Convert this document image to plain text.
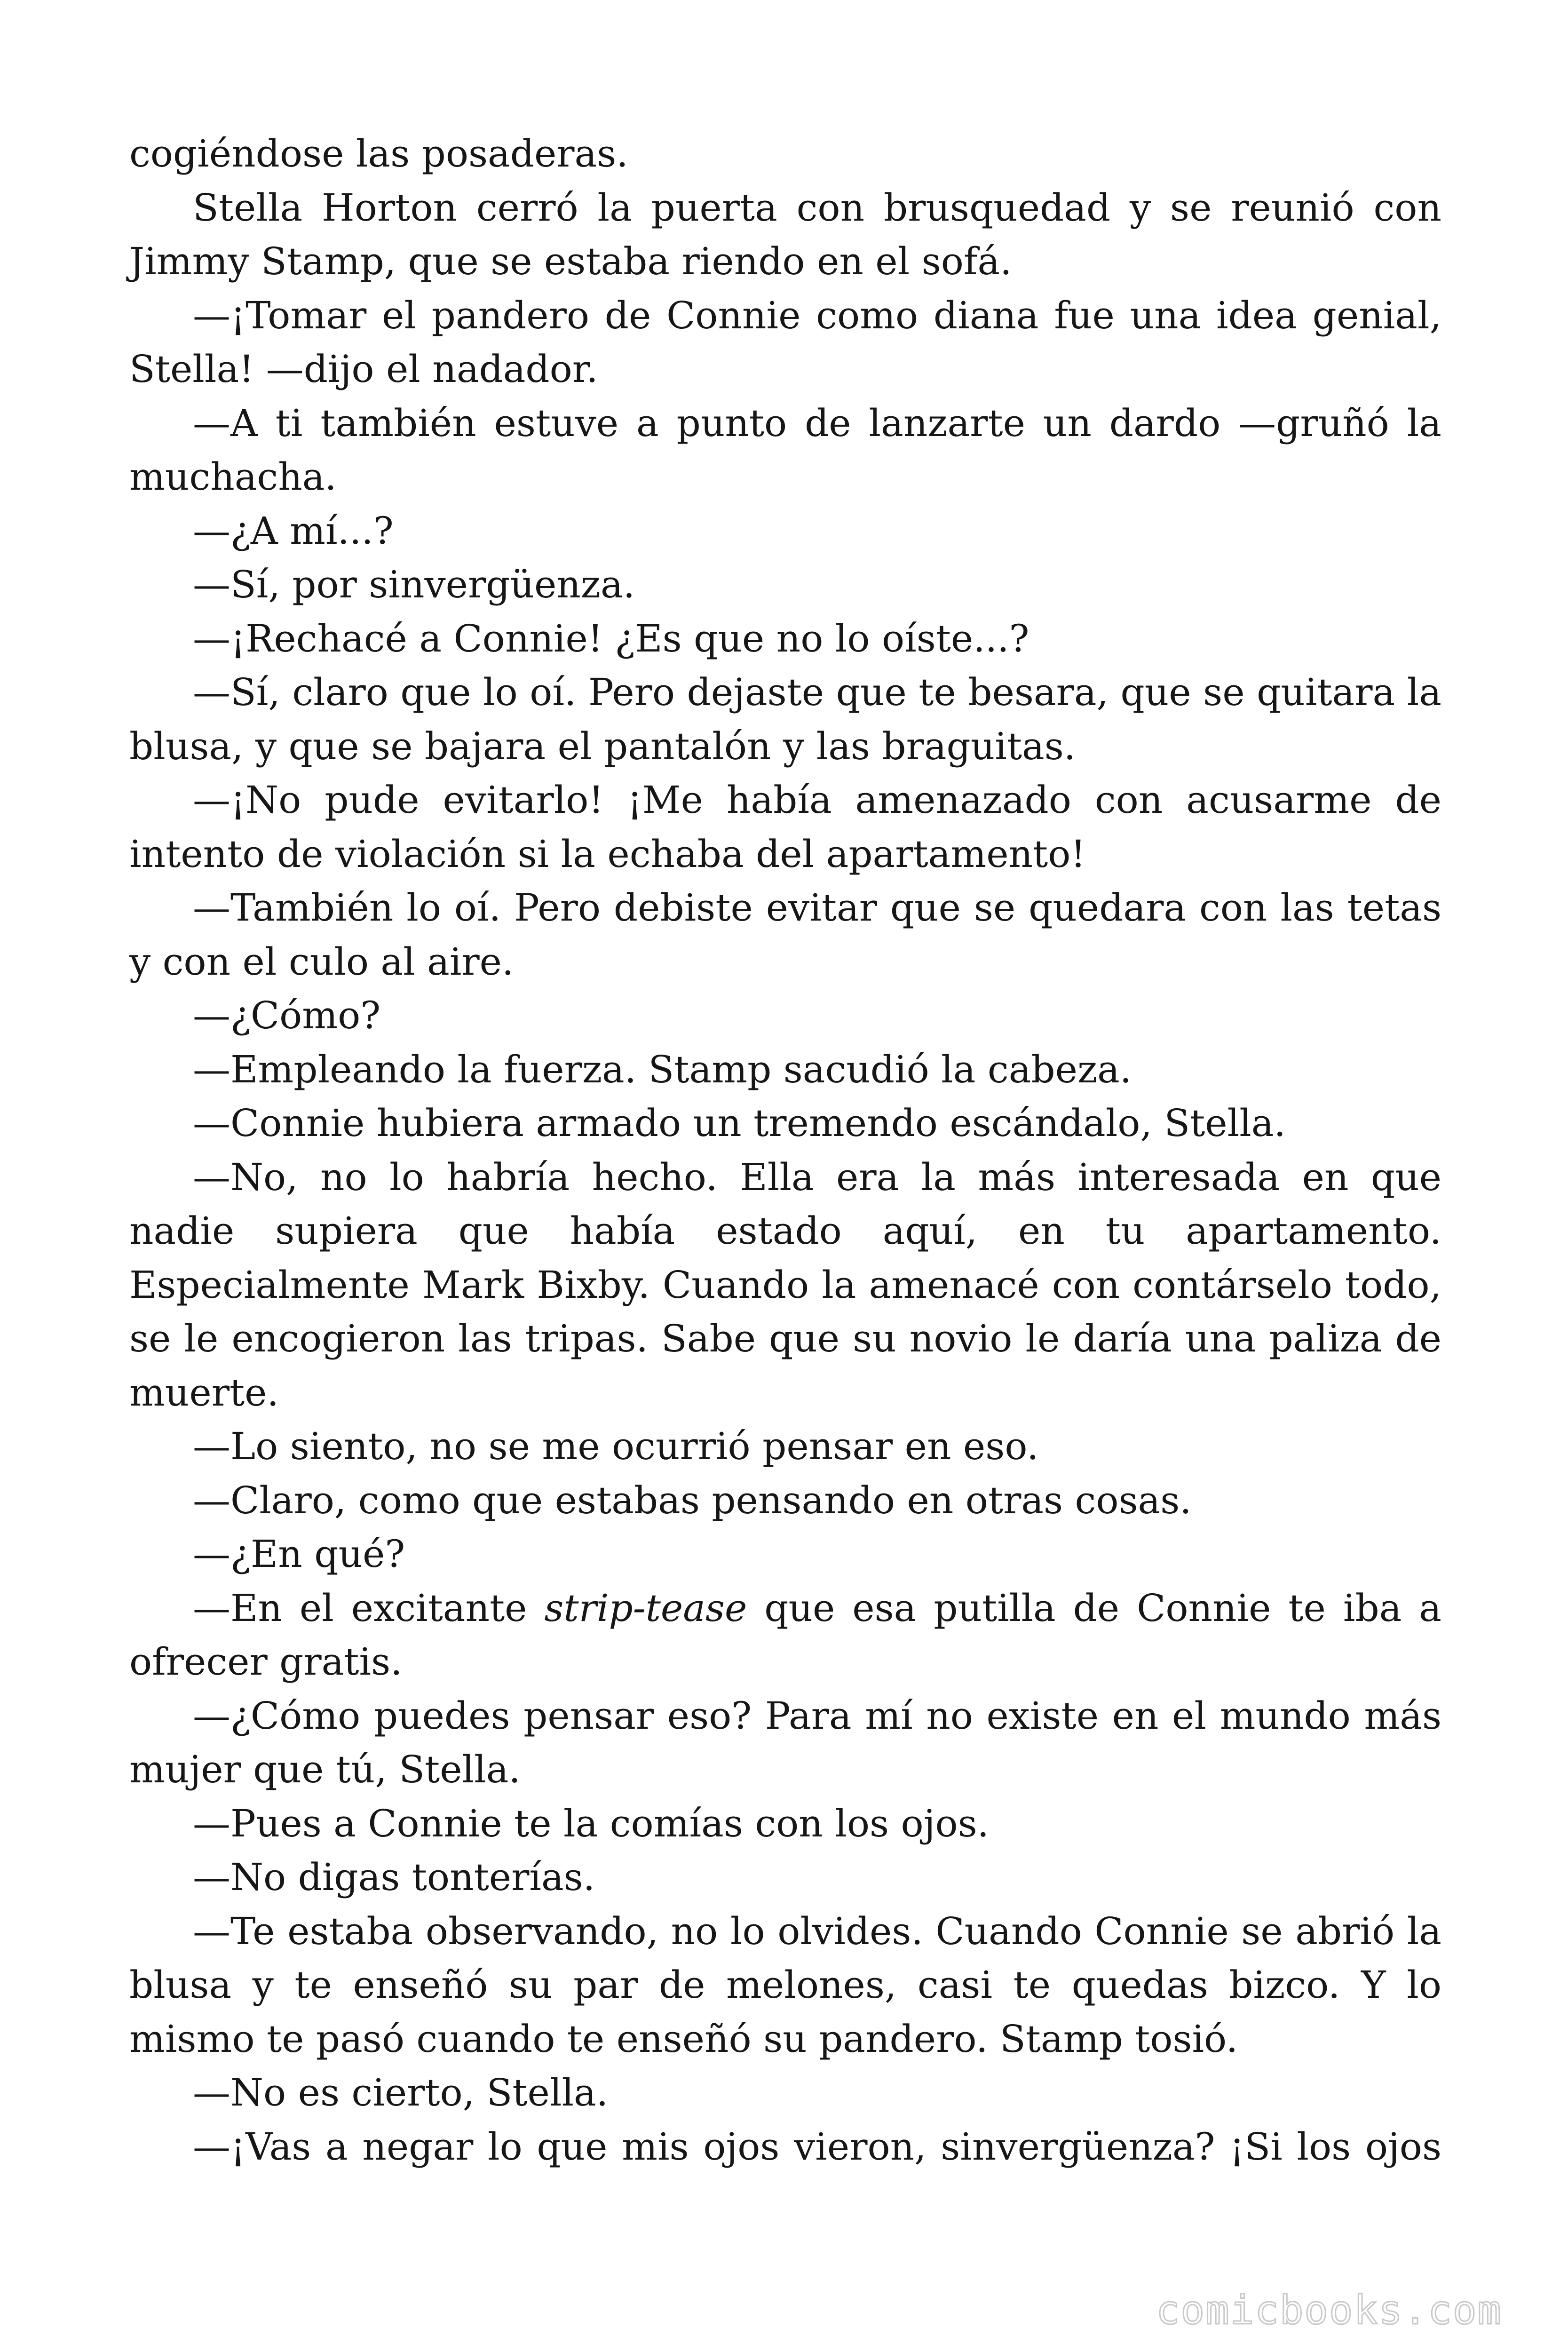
cogiéndose las posaderas.

Stella Horton cerró la puerta con brusquedad y se reunió con Jimmy Stamp, que se estaba riendo en el sofá.

—¡Tomar el pandero de Connie como diana fue una idea genial, Stella! —dijo el nadador.

—A ti también estuve a punto de lanzarte un dardo —gruñó la muchacha.

—¿A mí...?

—Sí, por sinvergüenza.

—¡Rechacé a Connie! ¿Es que no lo oíste...?

—Sí, claro que lo oí. Pero dejaste que te besara, que se quitara la blusa, y que se bajara el pantalón y las braguitas.

—¡No pude evitarlo! ¡Me había amenazado con acusarme de intento de violación si la echaba del apartamento!

—También lo oí. Pero debiste evitar que se quedara con las tetas y con el culo al aire.

—¿Cómo?

—Empleando la fuerza. Stamp sacudió la cabeza.

—Connie hubiera armado un tremendo escándalo, Stella.

—No, no lo habría hecho. Ella era la más interesada en que nadie supiera que había estado aquí, en tu apartamento. Especialmente Mark Bixby. Cuando la amenacé con contárselo todo, se le encogieron las tripas. Sabe que su novio le daría una paliza de muerte.

—Lo siento, no se me ocurrió pensar en eso.

—Claro, como que estabas pensando en otras cosas.

—¿En qué?

—En el excitante strip-tease que esa putilla de Connie te iba a ofrecer gratis.

—¿Cómo puedes pensar eso? Para mí no existe en el mundo más mujer que tú, Stella.

—Pues a Connie te la comías con los ojos.

—No digas tonterías.

—Te estaba observando, no lo olvides. Cuando Connie se abrió la blusa y te enseñó su par de melones, casi te quedas bizco. Y lo mismo te pasó cuando te enseñó su pandero. Stamp tosió.

—No es cierto, Stella.

—¡Vas a negar lo que mis ojos vieron, sinvergüenza? ¡Si los ojos

comicbooks.com
